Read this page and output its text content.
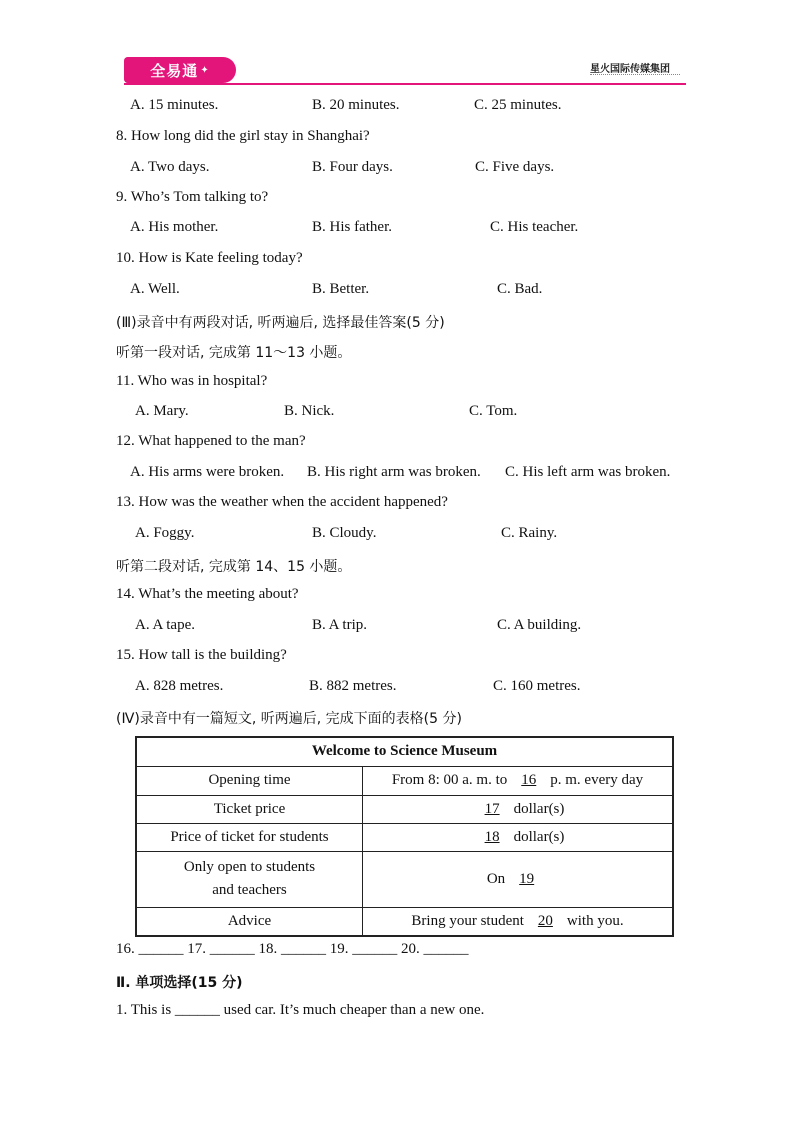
全易通 ✦	星火国际传媒集团
A. 15 minutes.	B. 20 minutes.	C. 25 minutes.
8. How long did the girl stay in Shanghai?
A. Two days.	B. Four days.	C. Five days.
9. Who’s Tom talking to?
A. His mother.	B. His father.	C. His teacher.
10. How is Kate feeling today?
A. Well.	B. Better.	C. Bad.
(Ⅲ)录音中有两段对话, 听两遍后, 选择最佳答案(5 分)
听第一段对话, 完成第 11～13 小题。
11. Who was in hospital?
A. Mary.	B. Nick.	C. Tom.
12. What happened to the man?
A. His arms were broken. B. His right arm was broken. C. His left arm was broken.
13. How was the weather when the accident happened?
A. Foggy.	B. Cloudy.	C. Rainy.
听第二段对话, 完成第 14、15 小题。
14. What’s the meeting about?
A. A tape.	B. A trip.	C. A building.
15. How tall is the building?
A. 828 metres.	B. 882 metres.	C. 160 metres.
(Ⅳ)录音中有一篇短文, 听两遍后, 完成下面的表格(5 分)
Welcome to Science Museum	
Opening time	From 8: 00 a. m. to 16 p. m. every day
Ticket price	17 dollar(s)
Price of ticket for students	18 dollar(s)

Only open to students
and teachers	On 19
Advice	Bring your student 20 with you.
16. ______ 17. ______ 18. ______ 19. ______ 20. ______
Ⅱ. 单项选择(15 分)
1. This is ______ used car. It’s much cheaper than a new one.
